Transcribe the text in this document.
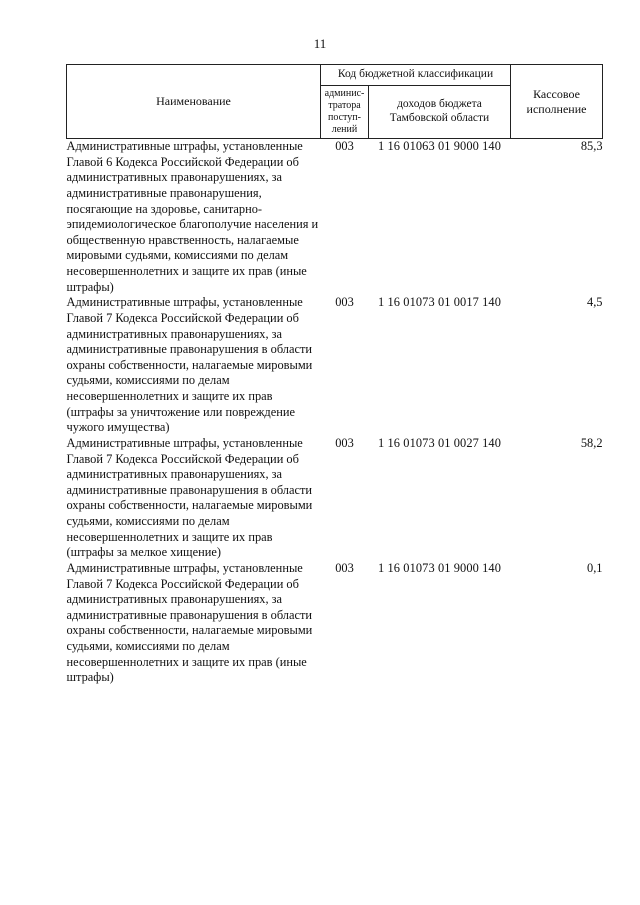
11
Наименование	Код бюджетной классификации		Кассовое исполнение
	админис-тратора поступ-лений	доходов бюджета Тамбовской области	
Административные штрафы, установленные Главой 6 Кодекса Российской Федерации об административных правонарушениях, за административные правонарушения, посягающие на здоровье, санитарно-эпидемиологическое благополучие населения и общественную нравственность, налагаемые мировыми судьями, комиссиями по делам несовершеннолетних и защите их прав (иные штрафы)	003	1 16 01063 01 9000 140	85,3
Административные штрафы, установленные Главой 7 Кодекса Российской Федерации об административных правонарушениях, за административные правонарушения в области охраны собственности, налагаемые мировыми судьями, комиссиями по делам несовершеннолетних и защите их прав (штрафы за уничтожение или повреждение чужого имущества)	003	1 16 01073 01 0017 140	4,5
Административные штрафы, установленные Главой 7 Кодекса Российской Федерации об административных правонарушениях, за административные правонарушения в области охраны собственности, налагаемые мировыми судьями, комиссиями по делам несовершеннолетних и защите их прав (штрафы за мелкое хищение)	003	1 16 01073 01 0027 140	58,2
Административные штрафы, установленные Главой 7 Кодекса Российской Федерации об административных правонарушениях, за административные правонарушения в области охраны собственности, налагаемые мировыми судьями, комиссиями по делам несовершеннолетних и защите их прав (иные штрафы)	003	1 16 01073 01 9000 140	0,1
